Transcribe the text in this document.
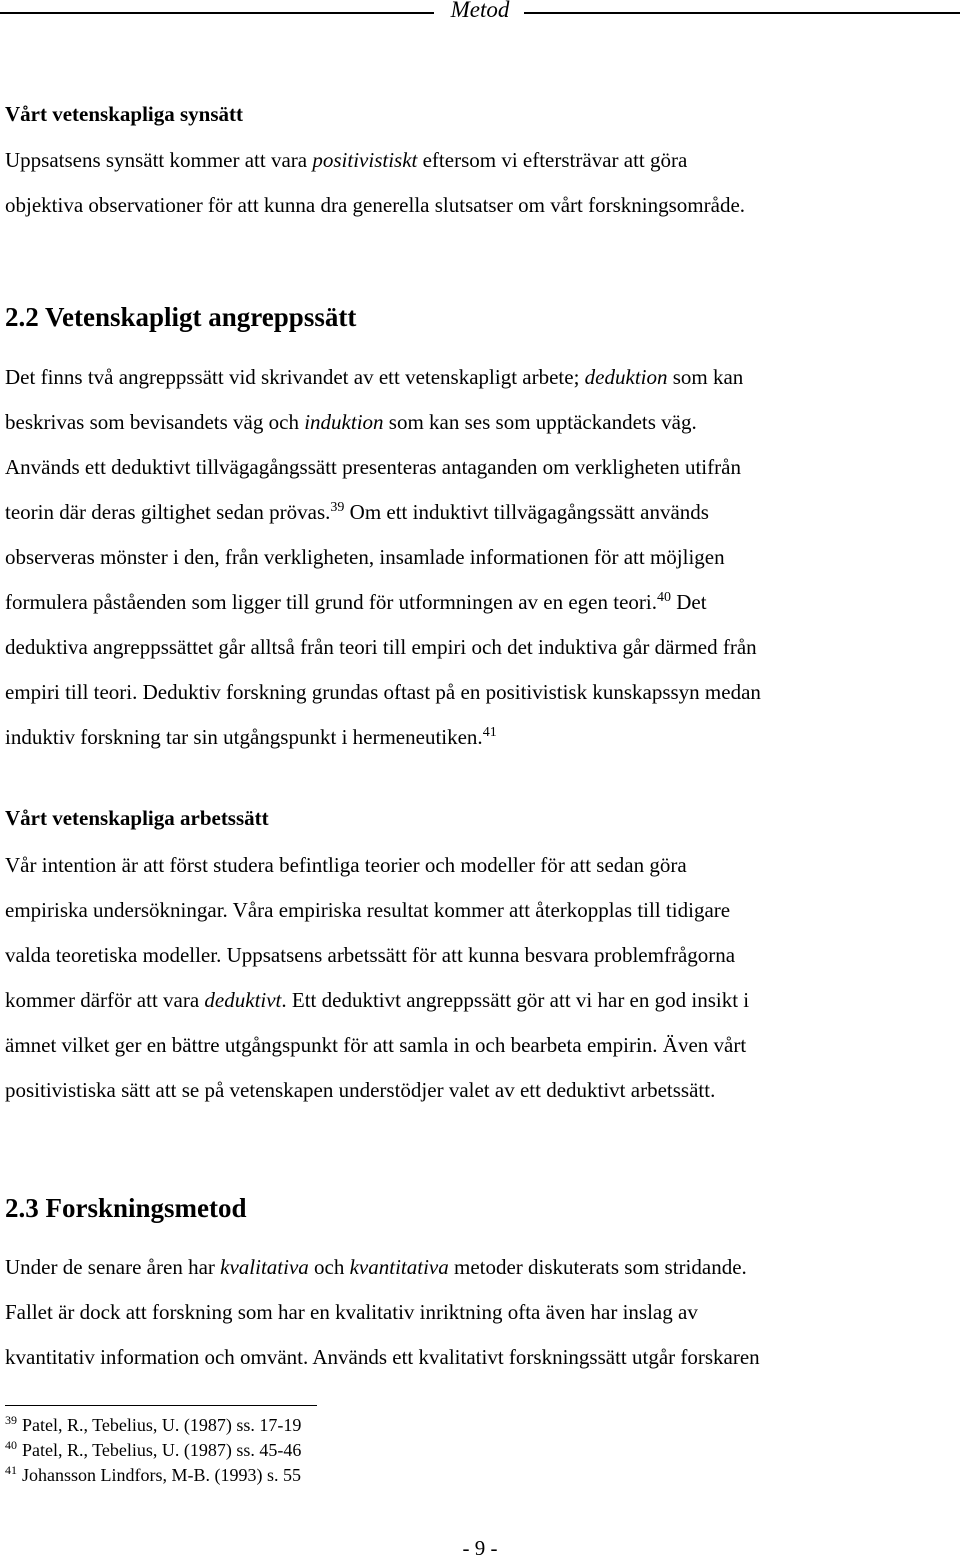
Metod
Vårt vetenskapliga synsätt
Uppsatsens synsätt kommer att vara positivistiskt eftersom vi eftersträvar att göra
objektiva observationer för att kunna dra generella slutsatser om vårt forskningsområde.
2.2 Vetenskapligt angreppssätt
Det finns två angreppssätt vid skrivandet av ett vetenskapligt arbete; deduktion som kan
beskrivas som bevisandets väg och induktion som kan ses som upptäckandets väg.
Används ett deduktivt tillvägagångssätt presenteras antaganden om verkligheten utifrån
teorin där deras giltighet sedan prövas.$^{39}$ Om ett induktivt tillvägagångssätt används
observeras mönster i den, från verkligheten, insamlade informationen för att möjligen
formulera påståenden som ligger till grund för utformningen av en egen teori.$^{40}$ Det
deduktiva angreppssättet går alltså från teori till empiri och det induktiva går därmed från
empiri till teori. Deduktiv forskning grundas oftast på en positivistisk kunskapssyn medan
induktiv forskning tar sin utgångspunkt i hermeneutiken.$^{41}$
Vårt vetenskapliga arbetssätt
Vår intention är att först studera befintliga teorier och modeller för att sedan göra
empiriska undersökningar. Våra empiriska resultat kommer att återkopplas till tidigare
valda teoretiska modeller. Uppsatsens arbetssätt för att kunna besvara problemfrågorna
kommer därför att vara deduktivt. Ett deduktivt angreppssätt gör att vi har en god insikt i
ämnet vilket ger en bättre utgångspunkt för att samla in och bearbeta empirin. Även vårt
positivistiska sätt att se på vetenskapen understödjer valet av ett deduktivt arbetssätt.
2.3 Forskningsmetod
Under de senare åren har kvalitativa och kvantitativa metoder diskuterats som stridande.
Fallet är dock att forskning som har en kvalitativ inriktning ofta även har inslag av
kvantitativ information och omvänt. Används ett kvalitativt forskningssätt utgår forskaren
$^{39}$ Patel, R., Tebelius, U. (1987) ss. 17-19
$^{40}$ Patel, R., Tebelius, U. (1987) ss. 45-46
$^{41}$ Johansson Lindfors, M-B. (1993) s. 55
- 9 -
